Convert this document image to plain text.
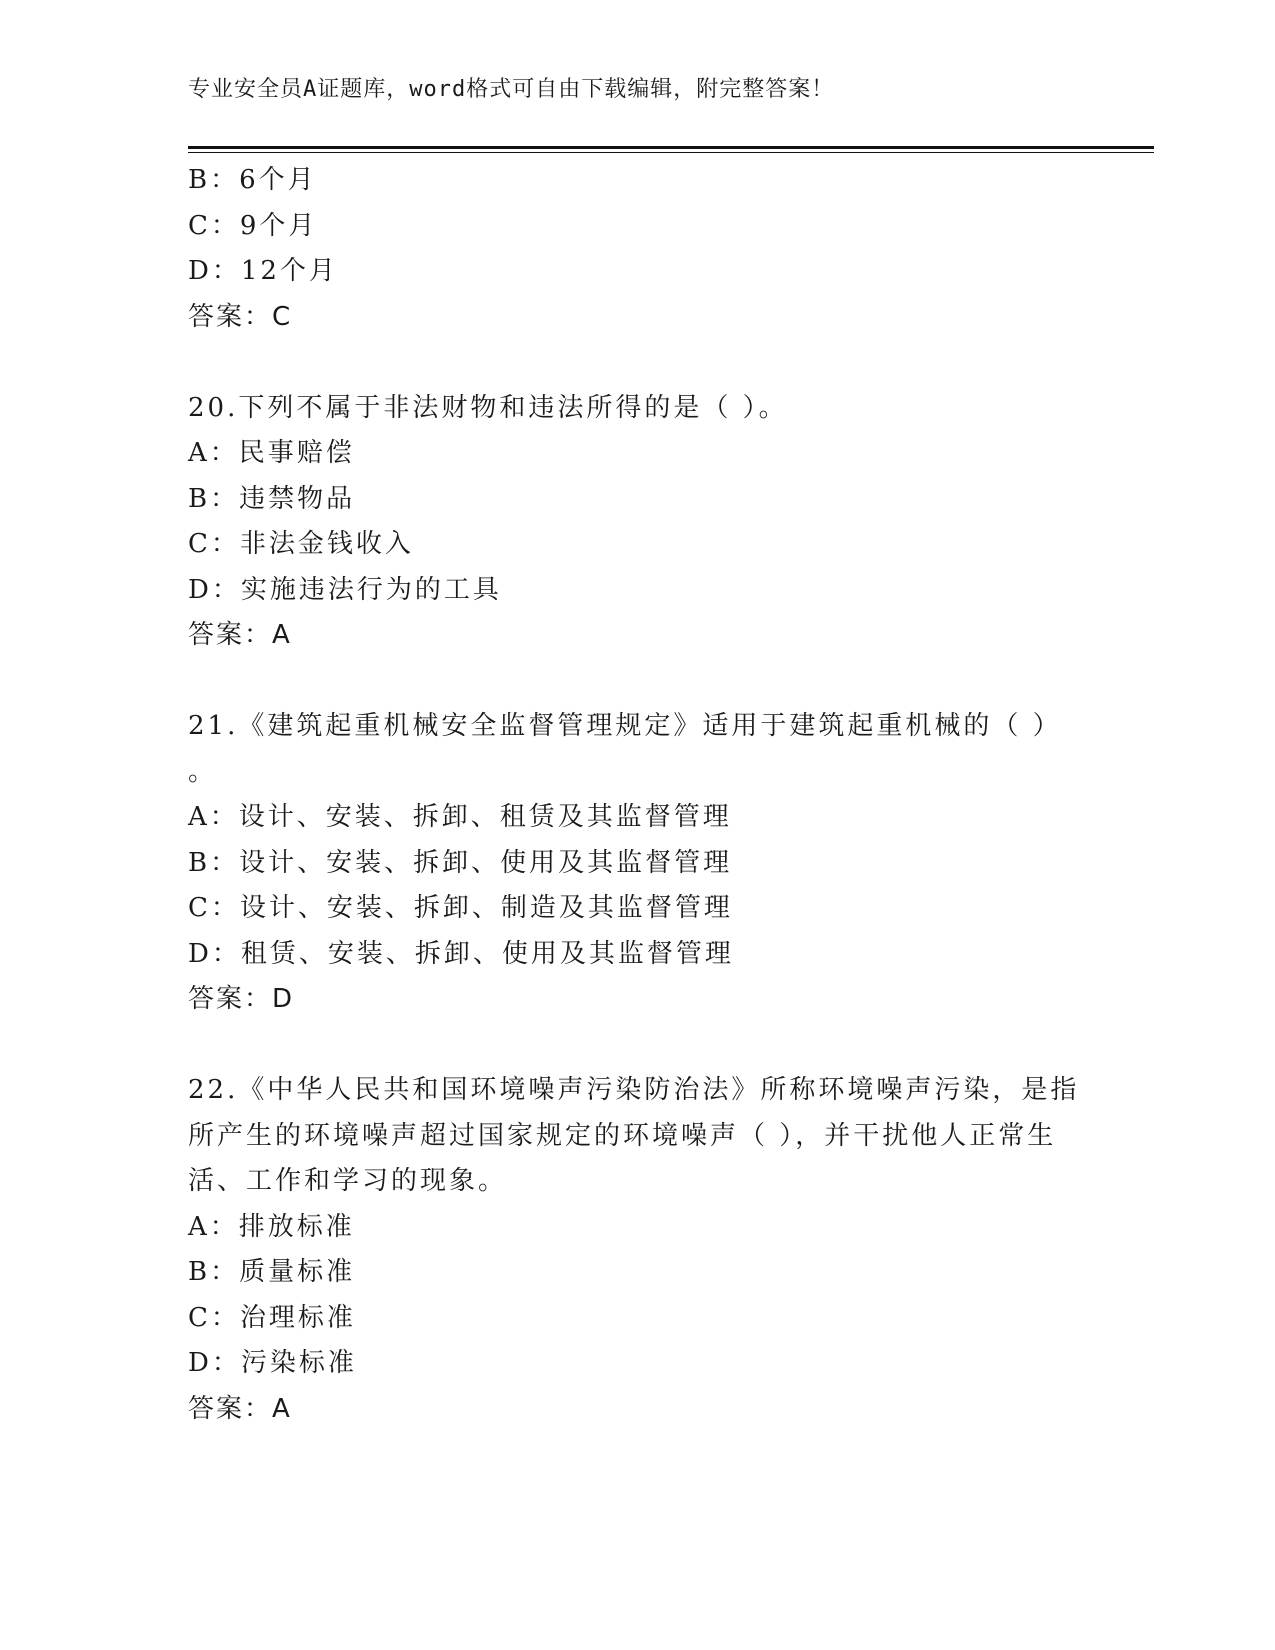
专业安全员A证题库，word格式可自由下载编辑，附完整答案！
B：6个月
C：9个月
D：12个月
答案：C
20.下列不属于非法财物和违法所得的是（ ）。
A：民事赔偿
B：违禁物品
C：非法金钱收入
D：实施违法行为的工具
答案：A
21.《建筑起重机械安全监督管理规定》适用于建筑起重机械的（ ）
。
A：设计、安装、拆卸、租赁及其监督管理
B：设计、安装、拆卸、使用及其监督管理
C：设计、安装、拆卸、制造及其监督管理
D：租赁、安装、拆卸、使用及其监督管理
答案：D
22.《中华人民共和国环境噪声污染防治法》所称环境噪声污染，是指
所产生的环境噪声超过国家规定的环境噪声（ ），并干扰他人正常生
活、工作和学习的现象。
A：排放标准
B：质量标准
C：治理标准
D：污染标准
答案：A
